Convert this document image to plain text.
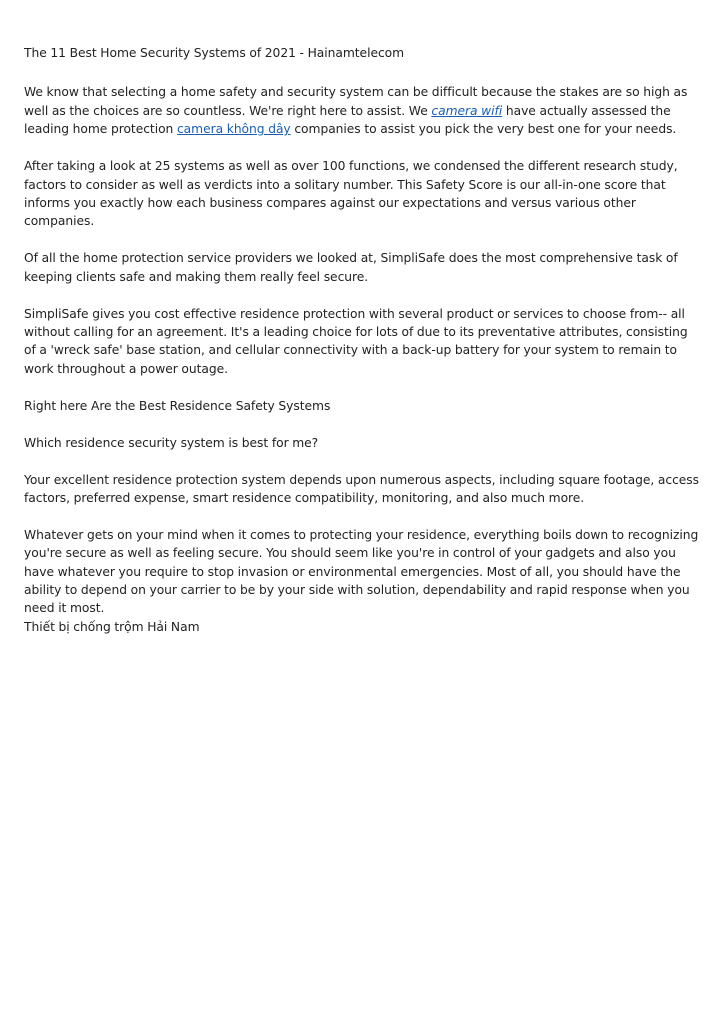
The 11 Best Home Security Systems of 2021 - Hainamtelecom

We know that selecting a home safety and security system can be difficult because the stakes are so high as well as the choices are so countless. We're right here to assist. We camera wifi have actually assessed the leading home protection camera không dây companies to assist you pick the very best one for your needs.

After taking a look at 25 systems as well as over 100 functions, we condensed the different research study, factors to consider as well as verdicts into a solitary number. This Safety Score is our all-in-one score that informs you exactly how each business compares against our expectations and versus various other companies.

Of all the home protection service providers we looked at, SimpliSafe does the most comprehensive task of keeping clients safe and making them really feel secure.

SimpliSafe gives you cost effective residence protection with several product or services to choose from-- all without calling for an agreement. It's a leading choice for lots of due to its preventative attributes, consisting of a 'wreck safe' base station, and cellular connectivity with a back-up battery for your system to remain to work throughout a power outage.

Right here Are the Best Residence Safety Systems

Which residence security system is best for me?

Your excellent residence protection system depends upon numerous aspects, including square footage, access factors, preferred expense, smart residence compatibility, monitoring, and also much more.

Whatever gets on your mind when it comes to protecting your residence, everything boils down to recognizing you're secure as well as feeling secure. You should seem like you're in control of your gadgets and also you have whatever you require to stop invasion or environmental emergencies. Most of all, you should have the ability to depend on your carrier to be by your side with solution, dependability and rapid response when you need it most.
Thiết bị chống trộm Hải Nam
